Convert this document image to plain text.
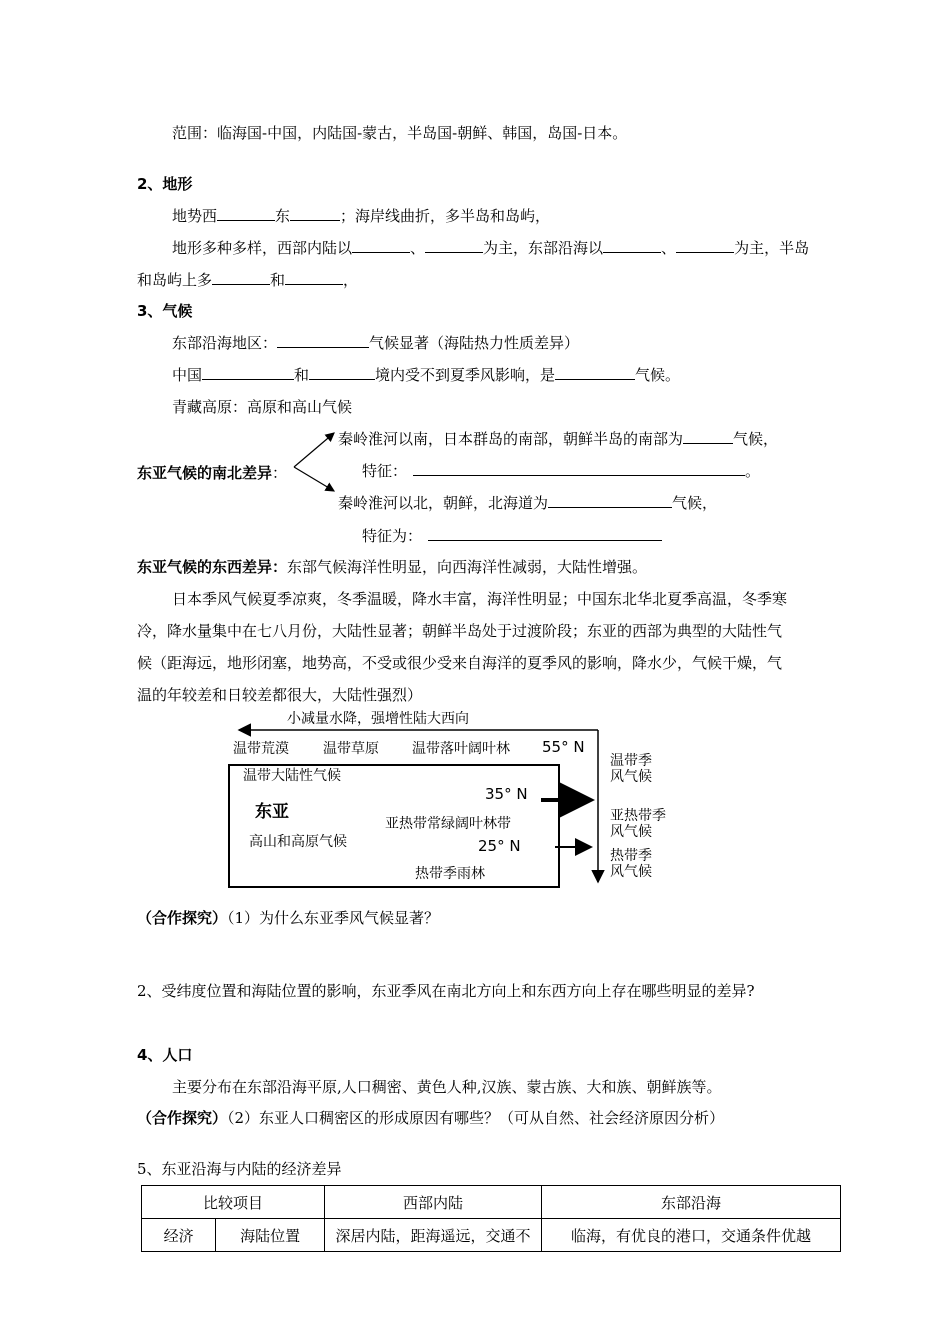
范围：临海国-中国，内陆国-蒙古，半岛国-朝鲜、韩国，岛国-日本。
2、地形
地势西	东	；海岸线曲折，多半岛和岛屿，
地形多种多样，西部内陆以	、	为主，东部沿海以	、	为主，半岛
和岛屿上多	和	，
3、气候
东部沿海地区：	气候显著（海陆热力性质差异）
中国	和	境内受不到夏季风影响，是	气候。
青藏高原：高原和高山气候
东亚气候的南北差异：
秦岭淮河以南，日本群岛的南部，朝鲜半岛的南部为	气候，
特征：	。
秦岭淮河以北，朝鲜，北海道为	气候，
特征为：
东亚气候的东西差异：东部气候海洋性明显，向西海洋性减弱，大陆性增强。
日本季风气候夏季凉爽，冬季温暖，降水丰富，海洋性明显；中国东北华北夏季高温，冬季寒
冷，降水量集中在七八月份，大陆性显著；朝鲜半岛处于过渡阶段；东亚的西部为典型的大陆性气
候（距海远，地形闭塞，地势高，不受或很少受来自海洋的夏季风的影响，降水少，气候干燥，气
温的年较差和日较差都很大，大陆性强烈）
小减量水降，强增性陆大西向
温带荒漠 温带草原 温带落叶阔叶林 55° N
温带大陆性气候
35° N
东亚
亚热带常绿阔叶林带
高山和高原气候	25° N
热带季雨林
温带季
风气候
亚热带季
风气候
热带季
风气候
（合作探究）（1）为什么东亚季风气候显著？
2、受纬度位置和海陆位置的影响，东亚季风在南北方向上和东西方向上存在哪些明显的差异?
4、人口
主要分布在东部沿海平原,人口稠密、黄色人种,汉族、蒙古族、大和族、朝鲜族等。
（合作探究）（2）东亚人口稠密区的形成原因有哪些？（可从自然、社会经济原因分析）
5、东亚沿海与内陆的经济差异
比较项目		西部内陆	东部沿海
经济	海陆位置	深居内陆，距海遥远，交通不	临海，有优良的港口，交通条件优越
